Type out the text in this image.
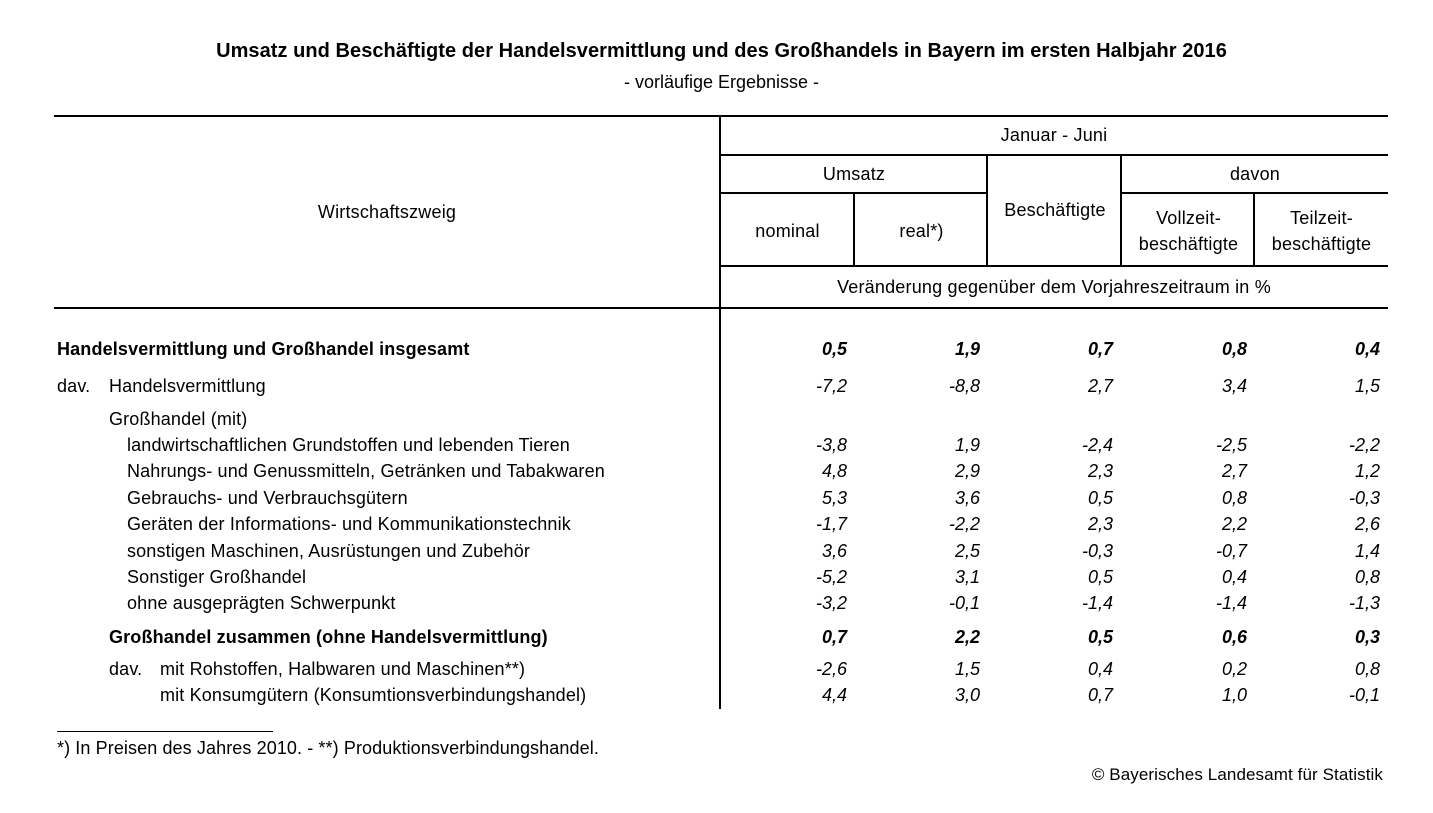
Umsatz und Beschäftigte der Handelsvermittlung und des Großhandels in Bayern im ersten Halbjahr 2016
- vorläufige Ergebnisse -
Wirtschaftszweig
Januar - Juni
Umsatz
nominal	real*)
Beschäftigte
davon
Vollzeit-
beschäftigte
Teilzeit-
beschäftigte
Veränderung gegenüber dem Vorjahreszeitraum in %
Handelsvermittlung und Großhandel insgesamt	0,5	1,9	0,7	0,8	0,4
dav. Handelsvermittlung	-7,2	-8,8	2,7	3,4	1,5
Großhandel (mit)
landwirtschaftlichen Grundstoffen und lebenden Tieren	-3,8	1,9	-2,4	-2,5	-2,2
Nahrungs- und Genussmitteln, Getränken und Tabakwaren	4,8	2,9	2,3	2,7	1,2
Gebrauchs- und Verbrauchsgütern	5,3	3,6	0,5	0,8	-0,3
Geräten der Informations- und Kommunikationstechnik	-1,7	-2,2	2,3	2,2	2,6
sonstigen Maschinen, Ausrüstungen und Zubehör	3,6	2,5	-0,3	-0,7	1,4
Sonstiger Großhandel	-5,2	3,1	0,5	0,4	0,8
ohne ausgeprägten Schwerpunkt	-3,2	-0,1	-1,4	-1,4	-1,3
Großhandel zusammen (ohne Handelsvermittlung)	0,7	2,2	0,5	0,6	0,3
dav. mit Rohstoffen, Halbwaren und Maschinen**)	-2,6	1,5	0,4	0,2	0,8
mit Konsumgütern (Konsumtionsverbindungshandel)	4,4	3,0	0,7	1,0	-0,1
*) In Preisen des Jahres 2010. - **) Produktionsverbindungshandel.
© Bayerisches Landesamt für Statistik
